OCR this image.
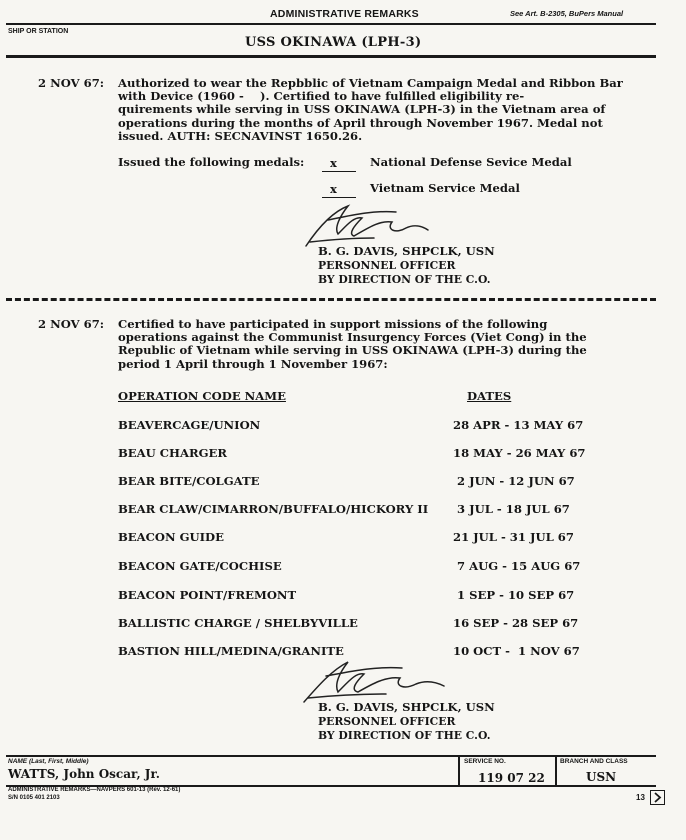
ADMINISTRATIVE REMARKS	See Art. B-2305, BuPers Manual
SHIP OR STATION
USS OKINAWA (LPH-3)
2 NOV 67: Authorized to wear the Repbblic of Vietnam Campaign Medal and Ribbon Bar
with Device (1960 -    ). Certified to have fulfilled eligibility re-
quirements while serving in USS OKINAWA (LPH-3) in the Vietnam area of
operations during the months of April through November 1967. Medal not
issued. AUTH: SECNAVINST 1650.26.
Issued the following medals: x	National Defense Sevice Medal
x	Vietnam Service Medal
B. G. DAVIS, SHPCLK, USN
PERSONNEL OFFICER
BY DIRECTION OF THE C.O.
2 NOV 67: Certified to have participated in support missions of the following
operations against the Communist Insurgency Forces (Viet Cong) in the
Republic of Vietnam while serving in USS OKINAWA (LPH-3) during the
period 1 April through 1 November 1967:
OPERATION CODE NAME	DATES
BEAVERCAGE/UNION	28 APR - 13 MAY 67
BEAU CHARGER	18 MAY - 26 MAY 67
BEAR BITE/COLGATE	2 JUN - 12 JUN 67
BEAR CLAW/CIMARRON/BUFFALO/HICKORY II 3 JUL - 18 JUL 67
BEACON GUIDE	21 JUL - 31 JUL 67
BEACON GATE/COCHISE	7 AUG - 15 AUG 67
BEACON POINT/FREMONT	1 SEP - 10 SEP 67
BALLISTIC CHARGE / SHELBYVILLE	16 SEP - 28 SEP 67
BASTION HILL/MEDINA/GRANITE	10 OCT -  1 NOV 67
B. G. DAVIS, SHPCLK, USN
PERSONNEL OFFICER
BY DIRECTION OF THE C.O.
NAME (Last, First, Middle)
WATTS, John Oscar, Jr.
SERVICE NO.
119 07 22
BRANCH AND CLASS
USN
ADMINISTRATIVE REMARKS—NAVPERS 601-13 (Rev. 12-61)
S/N 0105 401 2103	13
